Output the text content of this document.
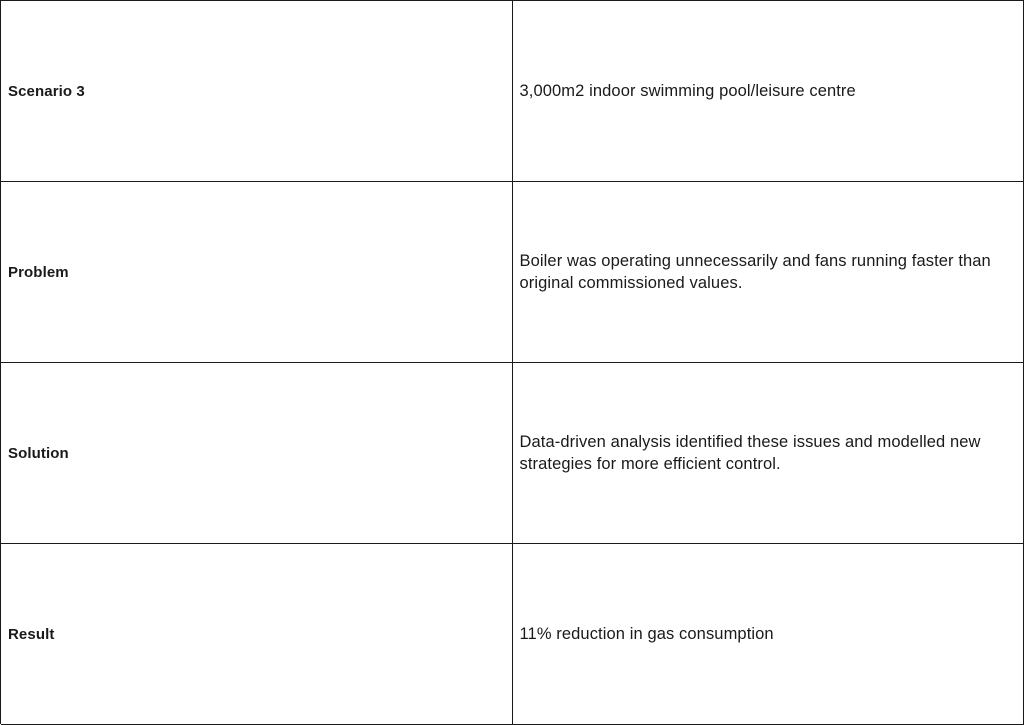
Scenario 3	3,000m2 indoor swimming pool/leisure centre
Problem
Boiler was operating unnecessarily and fans running faster than original commissioned values.
Solution
Data-driven analysis identified these issues and modelled new strategies for more efficient control.
Result	11% reduction in gas consumption
